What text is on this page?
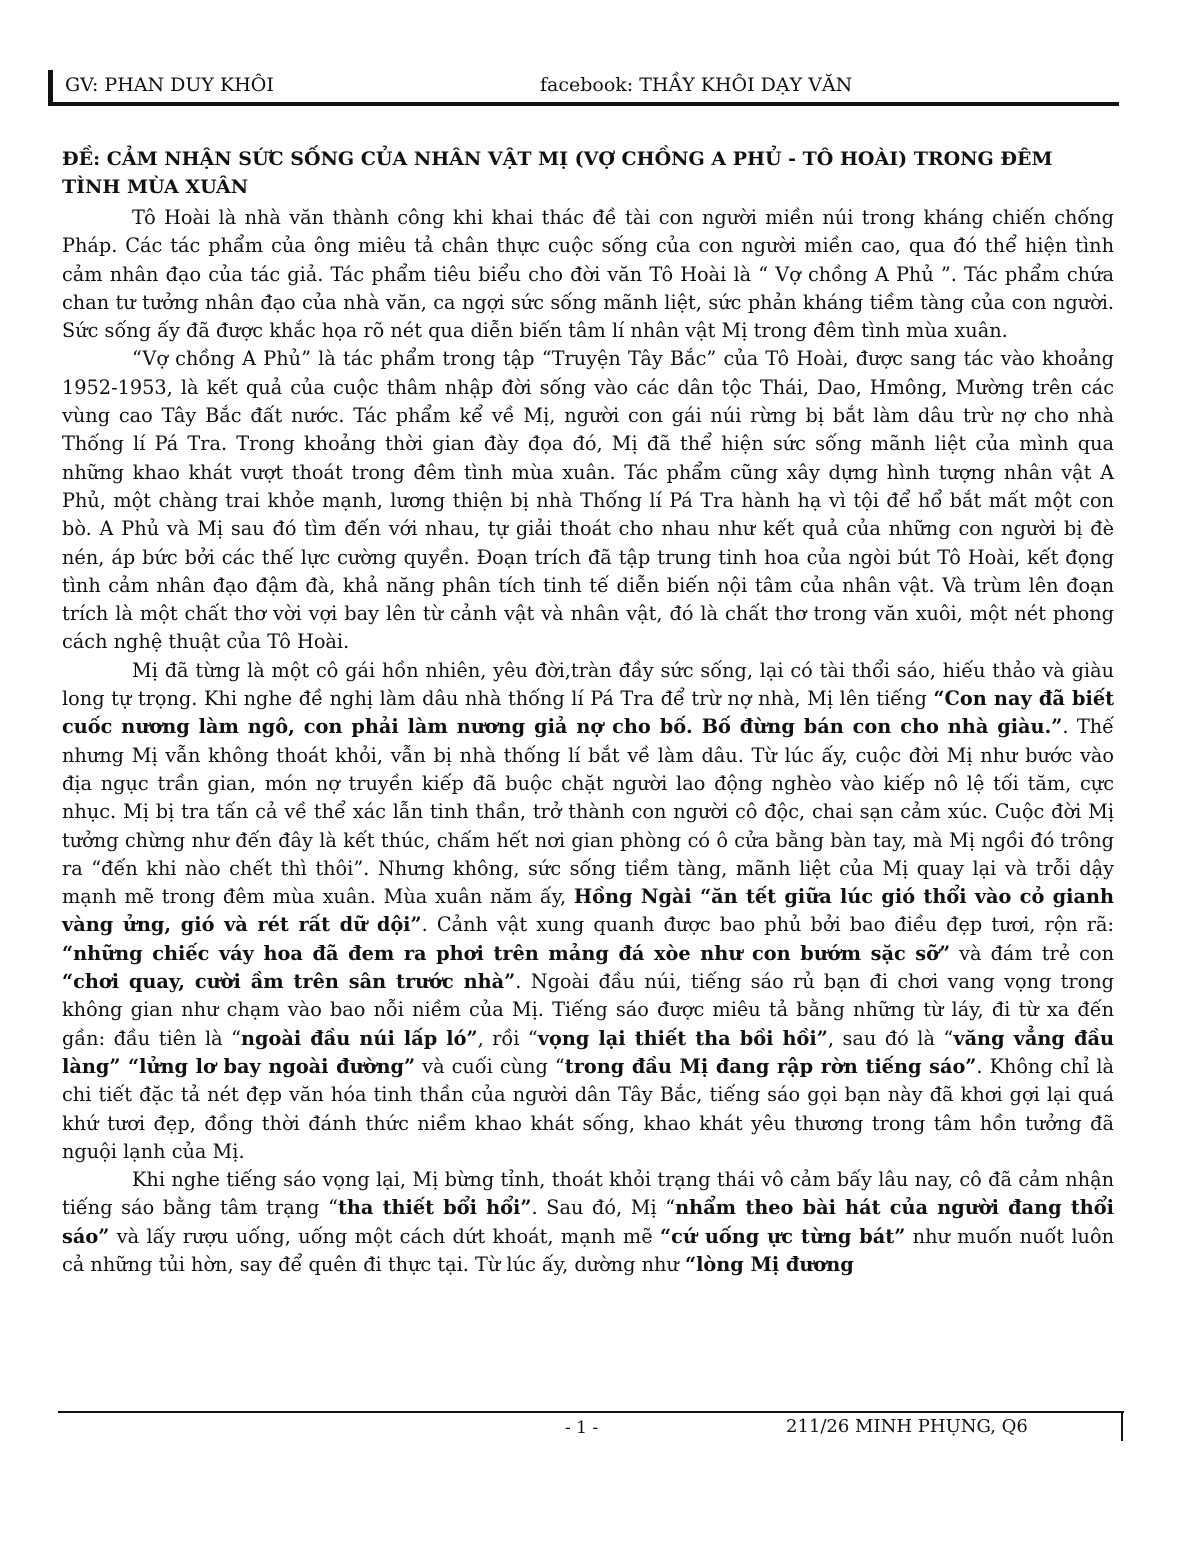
GV: PHAN DUY KHÔI	facebook: THẦY KHÔI DẠY VĂN
ĐỀ: CẢM NHẬN SỨC SỐNG CỦA NHÂN VẬT MỊ (VỢ CHỒNG A PHỦ - TÔ HOÀI) TRONG ĐÊM TÌNH MÙA XUÂN

Tô Hoài là nhà văn thành công khi khai thác đề tài con người miền núi trong kháng chiến chống Pháp. Các tác phẩm của ông miêu tả chân thực cuộc sống của con người miền cao, qua đó thể hiện tình cảm nhân đạo của tác giả. Tác phẩm tiêu biểu cho đời văn Tô Hoài là “ Vợ chồng A Phủ ”. Tác phẩm chứa chan tư tưởng nhân đạo của nhà văn, ca ngợi sức sống mãnh liệt, sức phản kháng tiềm tàng của con người. Sức sống ấy đã được khắc họa rõ nét qua diễn biến tâm lí nhân vật Mị trong đêm tình mùa xuân.

“Vợ chồng A Phủ” là tác phẩm trong tập “Truyện Tây Bắc” của Tô Hoài, được sang tác vào khoảng 1952-1953, là kết quả của cuộc thâm nhập đời sống vào các dân tộc Thái, Dao, Hmông, Mường trên các vùng cao Tây Bắc đất nước. Tác phẩm kể về Mị, người con gái núi rừng bị bắt làm dâu trừ nợ cho nhà Thống lí Pá Tra. Trong khoảng thời gian đày đọa đó, Mị đã thể hiện sức sống mãnh liệt của mình qua những khao khát vượt thoát trong đêm tình mùa xuân. Tác phẩm cũng xây dựng hình tượng nhân vật A Phủ, một chàng trai khỏe mạnh, lương thiện bị nhà Thống lí Pá Tra hành hạ vì tội để hổ bắt mất một con bò. A Phủ và Mị sau đó tìm đến với nhau, tự giải thoát cho nhau như kết quả của những con người bị đè nén, áp bức bởi các thế lực cường quyền. Đoạn trích đã tập trung tinh hoa của ngòi bút Tô Hoài, kết đọng tình cảm nhân đạo đậm đà, khả năng phân tích tinh tế diễn biến nội tâm của nhân vật. Và trùm lên đoạn trích là một chất thơ vời vợi bay lên từ cảnh vật và nhân vật, đó là chất thơ trong văn xuôi, một nét phong cách nghệ thuật của Tô Hoài.

Mị đã từng là một cô gái hồn nhiên, yêu đời,tràn đầy sức sống, lại có tài thổi sáo, hiếu thảo và giàu long tự trọng. Khi nghe đề nghị làm dâu nhà thống lí Pá Tra để trừ nợ nhà, Mị lên tiếng “Con nay đã biết cuốc nương làm ngô, con phải làm nương giả nợ cho bố. Bố đừng bán con cho nhà giàu.”. Thế nhưng Mị vẫn không thoát khỏi, vẫn bị nhà thống lí bắt về làm dâu. Từ lúc ấy, cuộc đời Mị như bước vào địa ngục trần gian, món nợ truyền kiếp đã buộc chặt người lao động nghèo vào kiếp nô lệ tối tăm, cực nhục. Mị bị tra tấn cả về thể xác lẫn tinh thần, trở thành con người cô độc, chai sạn cảm xúc. Cuộc đời Mị tưởng chừng như đến đây là kết thúc, chấm hết nơi gian phòng có ô cửa bằng bàn tay, mà Mị ngồi đó trông ra “đến khi nào chết thì thôi”. Nhưng không, sức sống tiềm tàng, mãnh liệt của Mị quay lại và trỗi dậy mạnh mẽ trong đêm mùa xuân. Mùa xuân năm ấy, Hồng Ngài “ăn tết giữa lúc gió thổi vào cỏ gianh vàng ửng, gió và rét rất dữ dội”. Cảnh vật xung quanh được bao phủ bởi bao điều đẹp tươi, rộn rã: “những chiếc váy hoa đã đem ra phơi trên mảng đá xòe như con bướm sặc sỡ” và đám trẻ con “chơi quay, cười ầm trên sân trước nhà”. Ngoài đầu núi, tiếng sáo rủ bạn đi chơi vang vọng trong không gian như chạm vào bao nỗi niềm của Mị. Tiếng sáo được miêu tả bằng những từ láy, đi từ xa đến gần: đầu tiên là “ngoài đầu núi lấp ló”, rồi “vọng lại thiết tha bồi hồi”, sau đó là “văng vẳng đầu làng” “lửng lơ bay ngoài đường” và cuối cùng “trong đầu Mị đang rập rờn tiếng sáo”. Không chỉ là chi tiết đặc tả nét đẹp văn hóa tinh thần của người dân Tây Bắc, tiếng sáo gọi bạn này đã khơi gợi lại quá khứ tươi đẹp, đồng thời đánh thức niềm khao khát sống, khao khát yêu thương trong tâm hồn tưởng đã nguội lạnh của Mị.

Khi nghe tiếng sáo vọng lại, Mị bừng tỉnh, thoát khỏi trạng thái vô cảm bấy lâu nay, cô đã cảm nhận tiếng sáo bằng tâm trạng “tha thiết bổi hổi”. Sau đó, Mị “nhẩm theo bài hát của người đang thổi sáo” và lấy rượu uống, uống một cách dứt khoát, mạnh mẽ “cứ uống ực từng bát” như muốn nuốt luôn cả những tủi hờn, say để quên đi thực tại. Từ lúc ấy, dường như “lòng Mị đương

- 1 -	211/26 MINH PHỤNG, Q6
